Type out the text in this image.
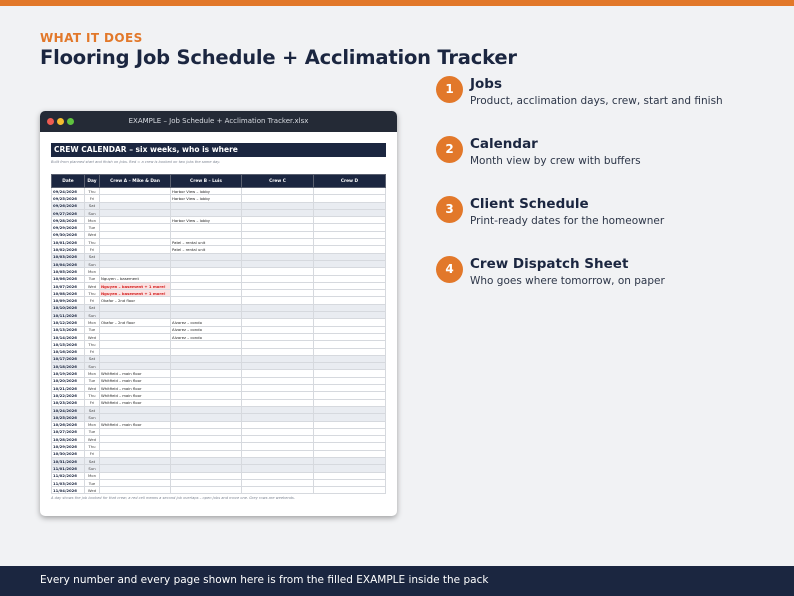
WHAT IT DOES
Flooring Job Schedule + Acclimation Tracker
EXAMPLE – Job Schedule + Acclimation Tracker.xlsx
CREW CALENDAR – six weeks, who is where
Built from planned start and finish on Jobs. Red = a crew is booked on two jobs the same day.
Date	Day	Crew A – Mike & Dan	Crew B – Luis	Crew C	Crew D
09/24/2026	Thu		Harbor View – lobby		
09/25/2026	Fri		Harbor View – lobby		
09/26/2026	Sat				
09/27/2026	Sun				
09/28/2026	Mon		Harbor View – lobby		
09/29/2026	Tue				
09/30/2026	Wed				
10/01/2026	Thu		Patel – rental unit		
10/02/2026	Fri		Patel – rental unit		
10/03/2026	Sat				
10/04/2026	Sun				
10/05/2026	Mon				
10/06/2026	Tue	Nguyen – basement			
10/07/2026	Wed	Nguyen – basement + 1 more!			
10/08/2026	Thu	Nguyen – basement + 1 more!			
10/09/2026	Fri	Okafor – 2nd floor			
10/10/2026	Sat				
10/11/2026	Sun				
10/12/2026	Mon	Okafor – 2nd floor	Alvarez – condo		
10/13/2026	Tue		Alvarez – condo		
10/14/2026	Wed		Alvarez – condo		
10/15/2026	Thu				
10/16/2026	Fri				
10/17/2026	Sat				
10/18/2026	Sun				
10/19/2026	Mon	Whitfield – main floor			
10/20/2026	Tue	Whitfield – main floor			
10/21/2026	Wed	Whitfield – main floor			
10/22/2026	Thu	Whitfield – main floor			
10/23/2026	Fri	Whitfield – main floor			
10/24/2026	Sat				
10/25/2026	Sun				
10/26/2026	Mon	Whitfield – main floor			
10/27/2026	Tue				
10/28/2026	Wed				
10/29/2026	Thu				
10/30/2026	Fri				
10/31/2026	Sat				
11/01/2026	Sun				
11/02/2026	Mon				
11/03/2026	Tue				
11/04/2026	Wed				
A day shows the job booked for that crew; a red cell means a second job overlaps – open Jobs and move one. Grey rows are weekends.
1	Jobs
Product, acclimation days, crew, start and finish
2	Calendar
Month view by crew with buffers
3	Client Schedule
Print-ready dates for the homeowner
4	Crew Dispatch Sheet
Who goes where tomorrow, on paper
Every number and every page shown here is from the filled EXAMPLE inside the pack
